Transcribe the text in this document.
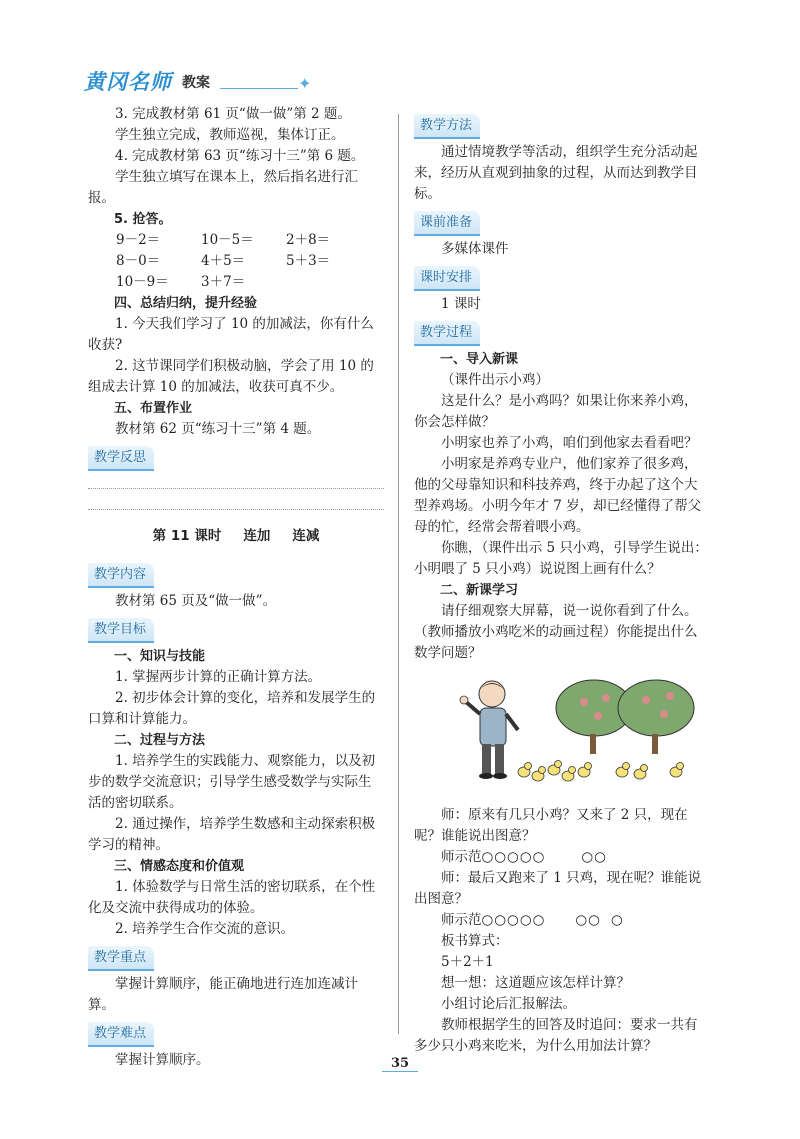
黄冈名师 教案	✦

3. 完成教材第 61 页“做一做”第 2 题。

学生独立完成，教师巡视，集体订正。

4. 完成教材第 63 页“练习十三”第 6 题。

学生独立填写在课本上，然后指名进行汇报。

5. 抢答。

9－2＝	10－5＝	2＋8＝
8－0＝	4＋5＝	5＋3＝
10－9＝	3＋7＝

四、总结归纳，提升经验

1. 今天我们学习了 10 的加减法，你有什么收获?

2. 这节课同学们积极动脑，学会了用 10 的组成去计算 10 的加减法，收获可真不少。

五、布置作业

教材第 62 页“练习十三”第 4 题。

教学反思
第 11 课时 连加 连减
教学内容

教材第 65 页及“做一做”。

教学目标

一、知识与技能

1. 掌握两步计算的正确计算方法。

2. 初步体会计算的变化，培养和发展学生的口算和计算能力。

二、过程与方法

1. 培养学生的实践能力、观察能力，以及初步的数学交流意识；引导学生感受数学与实际生活的密切联系。

2. 通过操作，培养学生数感和主动探索积极学习的精神。

三、情感态度和价值观

1. 体验数学与日常生活的密切联系，在个性化及交流中获得成功的体验。

2. 培养学生合作交流的意识。

教学重点

掌握计算顺序，能正确地进行连加连减计算。

教学难点

掌握计算顺序。

教学方法

通过情境教学等活动，组织学生充分活动起来，经历从直观到抽象的过程，从而达到教学目标。

课前准备

多媒体课件

课时安排

1 课时

教学过程

一、导入新课

（课件出示小鸡）

这是什么？是小鸡吗？如果让你来养小鸡，你会怎样做？

小明家也养了小鸡，咱们到他家去看看吧？

小明家是养鸡专业户，他们家养了很多鸡，他的父母靠知识和科技养鸡，终于办起了这个大型养鸡场。小明今年才 7 岁，却已经懂得了帮父母的忙，经常会帮着喂小鸡。

你瞧，（课件出示 5 只小鸡，引导学生说出：小明喂了 5 只小鸡）说说图上画有什么？

二、新课学习

请仔细观察大屏幕，说一说你看到了什么。（教师播放小鸡吃米的动画过程）你能提出什么数学问题？

师：原来有几只小鸡？又来了 2 只，现在呢？谁能说出图意？

师示范○○○○○	○○

师：最后又跑来了 1 只鸡，现在呢？谁能说出图意？

师示范○○○○○ ○○ ○

板书算式：

5＋2＋1

想一想：这道题应该怎样计算？

小组讨论后汇报解法。

教师根据学生的回答及时追问：要求一共有多少只小鸡来吃米，为什么用加法计算？

35
